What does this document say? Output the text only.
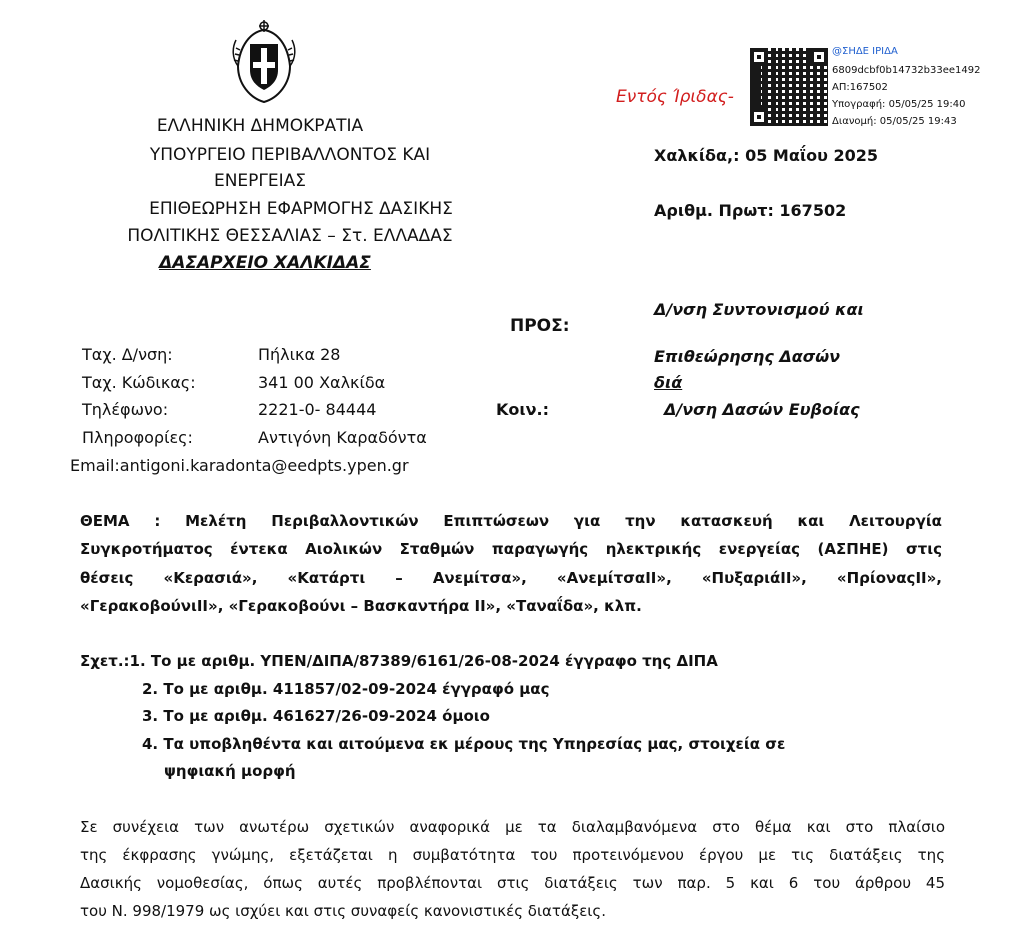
ΕΛΛΗΝΙΚΗ ΔΗΜΟΚΡΑΤΙΑ
ΥΠΟΥΡΓΕΙΟ ΠΕΡΙΒΑΛΛΟΝΤΟΣ ΚΑΙ
ΕΝΕΡΓΕΙΑΣ
ΕΠΙΘΕΩΡΗΣΗ ΕΦΑΡΜΟΓΗΣ ΔΑΣΙΚΗΣ
ΠΟΛΙΤΙΚΗΣ ΘΕΣΣΑΛΙΑΣ – Στ. ΕΛΛΑΔΑΣ
ΔΑΣΑΡΧΕΙΟ ΧΑΛΚΙΔΑΣ
Εντός Ίριδας-
@ΣΗΔΕ ΙΡΙΔΑ
6809dcbf0b14732b33ee1492
ΑΠ:167502
Υπογραφή: 05/05/25 19:40
Διανομή: 05/05/25 19:43
Χαλκίδα,: 05 Μαΐου 2025
Αριθμ. Πρωτ: 167502
ΠΡΟΣ:
Δ/νση Συντονισμού και
Επιθεώρησης Δασών
διά
Κοιν.:	Δ/νση Δασών Ευβοίας
Ταχ. Δ/νση:	Πήλικα 28
Ταχ. Κώδικας:	341 00 Χαλκίδα
Τηλέφωνο:	2221-0- 84444
Πληροφορίες:	Αντιγόνη Καραδόντα
Email:antigoni.karadonta@eedpts.ypen.gr
ΘΕΜΑ : Μελέτη Περιβαλλοντικών Επιπτώσεων για την κατασκευή και Λειτουργία
Συγκροτήματος έντεκα Αιολικών Σταθμών παραγωγής ηλεκτρικής ενεργείας (ΑΣΠΗΕ) στις
θέσεις «Κερασιά», «Κατάρτι – Ανεμίτσα», «ΑνεμίτσαΙΙ», «ΠυξαριάΙΙ», «ΠρίοναςΙΙ»,
«ΓερακοβούνιΙΙ», «Γερακοβούνι – Βασκαντήρα ΙΙ», «Ταναΐδα», κλπ.
Σχετ.:1. Το με αριθμ. ΥΠΕΝ/ΔΙΠΑ/87389/6161/26-08-2024 έγγραφο της ΔΙΠΑ
2. Το με αριθμ. 411857/02-09-2024 έγγραφό μας
3. Το με αριθμ. 461627/26-09-2024 όμοιο
4. Τα υποβληθέντα και αιτούμενα εκ μέρους της Υπηρεσίας μας, στοιχεία σε
ψηφιακή μορφή
Σε συνέχεια των ανωτέρω σχετικών αναφορικά με τα διαλαμβανόμενα στο θέμα και στο πλαίσιο
της έκφρασης γνώμης, εξετάζεται η συμβατότητα του προτεινόμενου έργου με τις διατάξεις της
Δασικής νομοθεσίας, όπως αυτές προβλέπονται στις διατάξεις των παρ. 5 και 6 του άρθρου 45
του Ν. 998/1979 ως ισχύει και στις συναφείς κανονιστικές διατάξεις.
